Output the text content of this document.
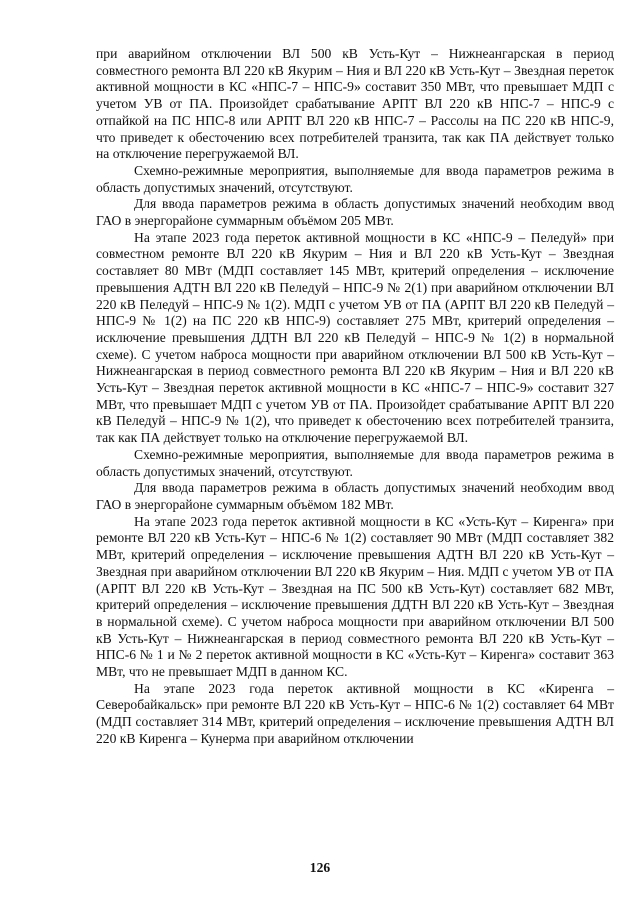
при аварийном отключении ВЛ 500 кВ Усть-Кут – Нижнеангарская в период совместного ремонта ВЛ 220 кВ Якурим – Ния и ВЛ 220 кВ Усть-Кут – Звездная переток активной мощности в КС «НПС-7 – НПС-9» составит 350 МВт, что превышает МДП с учетом УВ от ПА. Произойдет срабатывание АРПТ ВЛ 220 кВ НПС-7 – НПС-9 с отпайкой на ПС НПС-8 или АРПТ ВЛ 220 кВ НПС-7 – Рассолы на ПС 220 кВ НПС-9, что приведет к обесточению всех потребителей транзита, так как ПА действует только на отключение перегружаемой ВЛ.

Схемно-режимные мероприятия, выполняемые для ввода параметров режима в область допустимых значений, отсутствуют.

Для ввода параметров режима в область допустимых значений необходим ввод ГАО в энергорайоне суммарным объёмом 205 МВт.

На этапе 2023 года переток активной мощности в КС «НПС-9 – Пеледуй» при совместном ремонте ВЛ 220 кВ Якурим – Ния и ВЛ 220 кВ Усть-Кут – Звездная составляет 80 МВт (МДП составляет 145 МВт, критерий определения – исключение превышения АДТН ВЛ 220 кВ Пеледуй – НПС-9 № 2(1) при аварийном отключении ВЛ 220 кВ Пеледуй – НПС-9 № 1(2). МДП с учетом УВ от ПА (АРПТ ВЛ 220 кВ Пеледуй – НПС-9 № 1(2) на ПС 220 кВ НПС-9) составляет 275 МВт, критерий определения – исключение превышения ДДТН ВЛ 220 кВ Пеледуй – НПС-9 № 1(2) в нормальной схеме). С учетом наброса мощности при аварийном отключении ВЛ 500 кВ Усть-Кут – Нижнеангарская в период совместного ремонта ВЛ 220 кВ Якурим – Ния и ВЛ 220 кВ Усть-Кут – Звездная переток активной мощности в КС «НПС-7 – НПС-9» составит 327 МВт, что превышает МДП с учетом УВ от ПА. Произойдет срабатывание АРПТ ВЛ 220 кВ Пеледуй – НПС-9 № 1(2), что приведет к обесточению всех потребителей транзита, так как ПА действует только на отключение перегружаемой ВЛ.

Схемно-режимные мероприятия, выполняемые для ввода параметров режима в область допустимых значений, отсутствуют.

Для ввода параметров режима в область допустимых значений необходим ввод ГАО в энергорайоне суммарным объёмом 182 МВт.

На этапе 2023 года переток активной мощности в КС «Усть-Кут – Киренга» при ремонте ВЛ 220 кВ Усть-Кут – НПС-6 № 1(2) составляет 90 МВт (МДП составляет 382 МВт, критерий определения – исключение превышения АДТН ВЛ 220 кВ Усть-Кут – Звездная при аварийном отключении ВЛ 220 кВ Якурим – Ния. МДП с учетом УВ от ПА (АРПТ ВЛ 220 кВ Усть-Кут – Звездная на ПС 500 кВ Усть-Кут) составляет 682 МВт, критерий определения – исключение превышения ДДТН ВЛ 220 кВ Усть-Кут – Звездная в нормальной схеме). С учетом наброса мощности при аварийном отключении ВЛ 500 кВ Усть-Кут – Нижнеангарская в период совместного ремонта ВЛ 220 кВ Усть-Кут – НПС-6 № 1 и № 2 переток активной мощности в КС «Усть-Кут – Киренга» составит 363 МВт, что не превышает МДП в данном КС.

На этапе 2023 года переток активной мощности в КС «Киренга – Северобайкальск» при ремонте ВЛ 220 кВ Усть-Кут – НПС-6 № 1(2) составляет 64 МВт (МДП составляет 314 МВт, критерий определения – исключение превышения АДТН ВЛ 220 кВ Киренга – Кунерма при аварийном отключении

126
